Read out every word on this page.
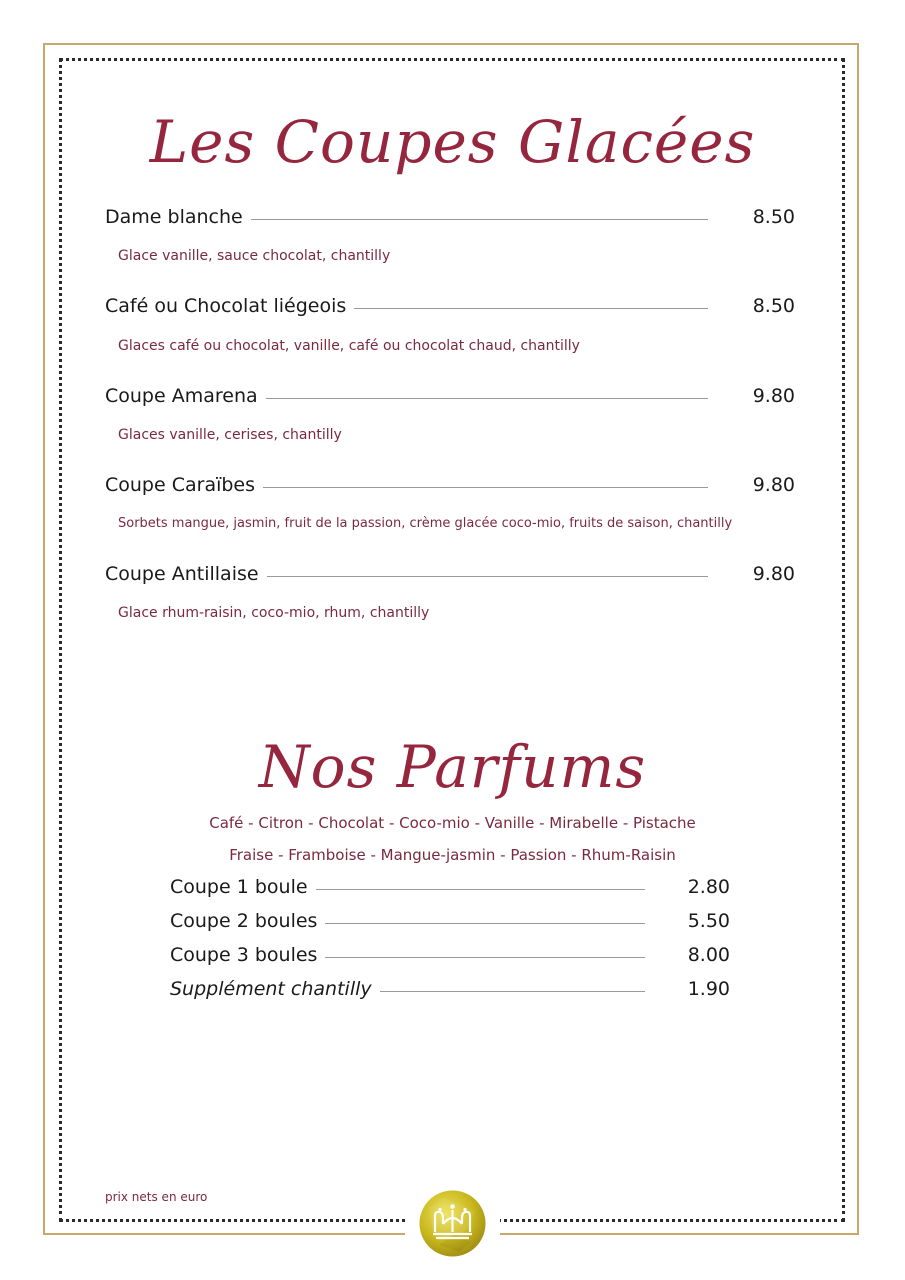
Les Coupes Glacées
Dame blanche	8.50
Glace vanille, sauce chocolat, chantilly
Café ou Chocolat liégeois	8.50
Glaces café ou chocolat, vanille, café ou chocolat chaud, chantilly
Coupe Amarena	9.80
Glaces vanille, cerises, chantilly
Coupe Caraïbes	9.80
Sorbets mangue, jasmin, fruit de la passion, crème glacée coco-mio, fruits de saison, chantilly
Coupe Antillaise	9.80
Glace rhum-raisin, coco-mio, rhum, chantilly
Nos Parfums
Café - Citron - Chocolat - Coco-mio - Vanille - Mirabelle - Pistache
Fraise - Framboise - Mangue-jasmin - Passion - Rhum-Raisin
Coupe 1 boule	2.80
Coupe 2 boules	5.50
Coupe 3 boules	8.00
Supplément chantilly	1.90
prix nets en euro
